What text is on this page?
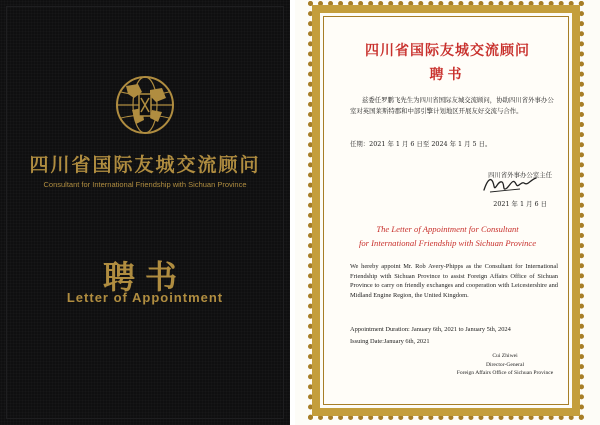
四川省国际友城交流顾问
Consultant for International Friendship with Sichuan Province
聘书
Letter of Appointment
四川省国际友城交流顾问
聘书
兹委任罗鹏飞先生为四川省国际友城交流顾问，协助四川省外事办公室对英国莱斯特郡和中部引擎计划地区开展友好交流与合作。
任期：2021 年 1 月 6 日至 2024 年 1 月 5 日。
四川省外事办公室主任
2021 年 1 月 6 日
The Letter of Appointment for Consultant
for International Friendship with Sichuan Province
We hereby appoint Mr. Rob Avery-Phipps as the Consultant for International Friendship with Sichuan Province to assist Foreign Affairs Office of Sichuan Province to carry on friendly exchanges and cooperation with Leicestershire and Midland Engine Region, the United Kingdom.
Appointment Duration: January 6th, 2021 to January 5th, 2024
Issuing Date:January 6th, 2021
Cui Zhiwei
Director-General
Foreign Affairs Office of Sichuan Province
